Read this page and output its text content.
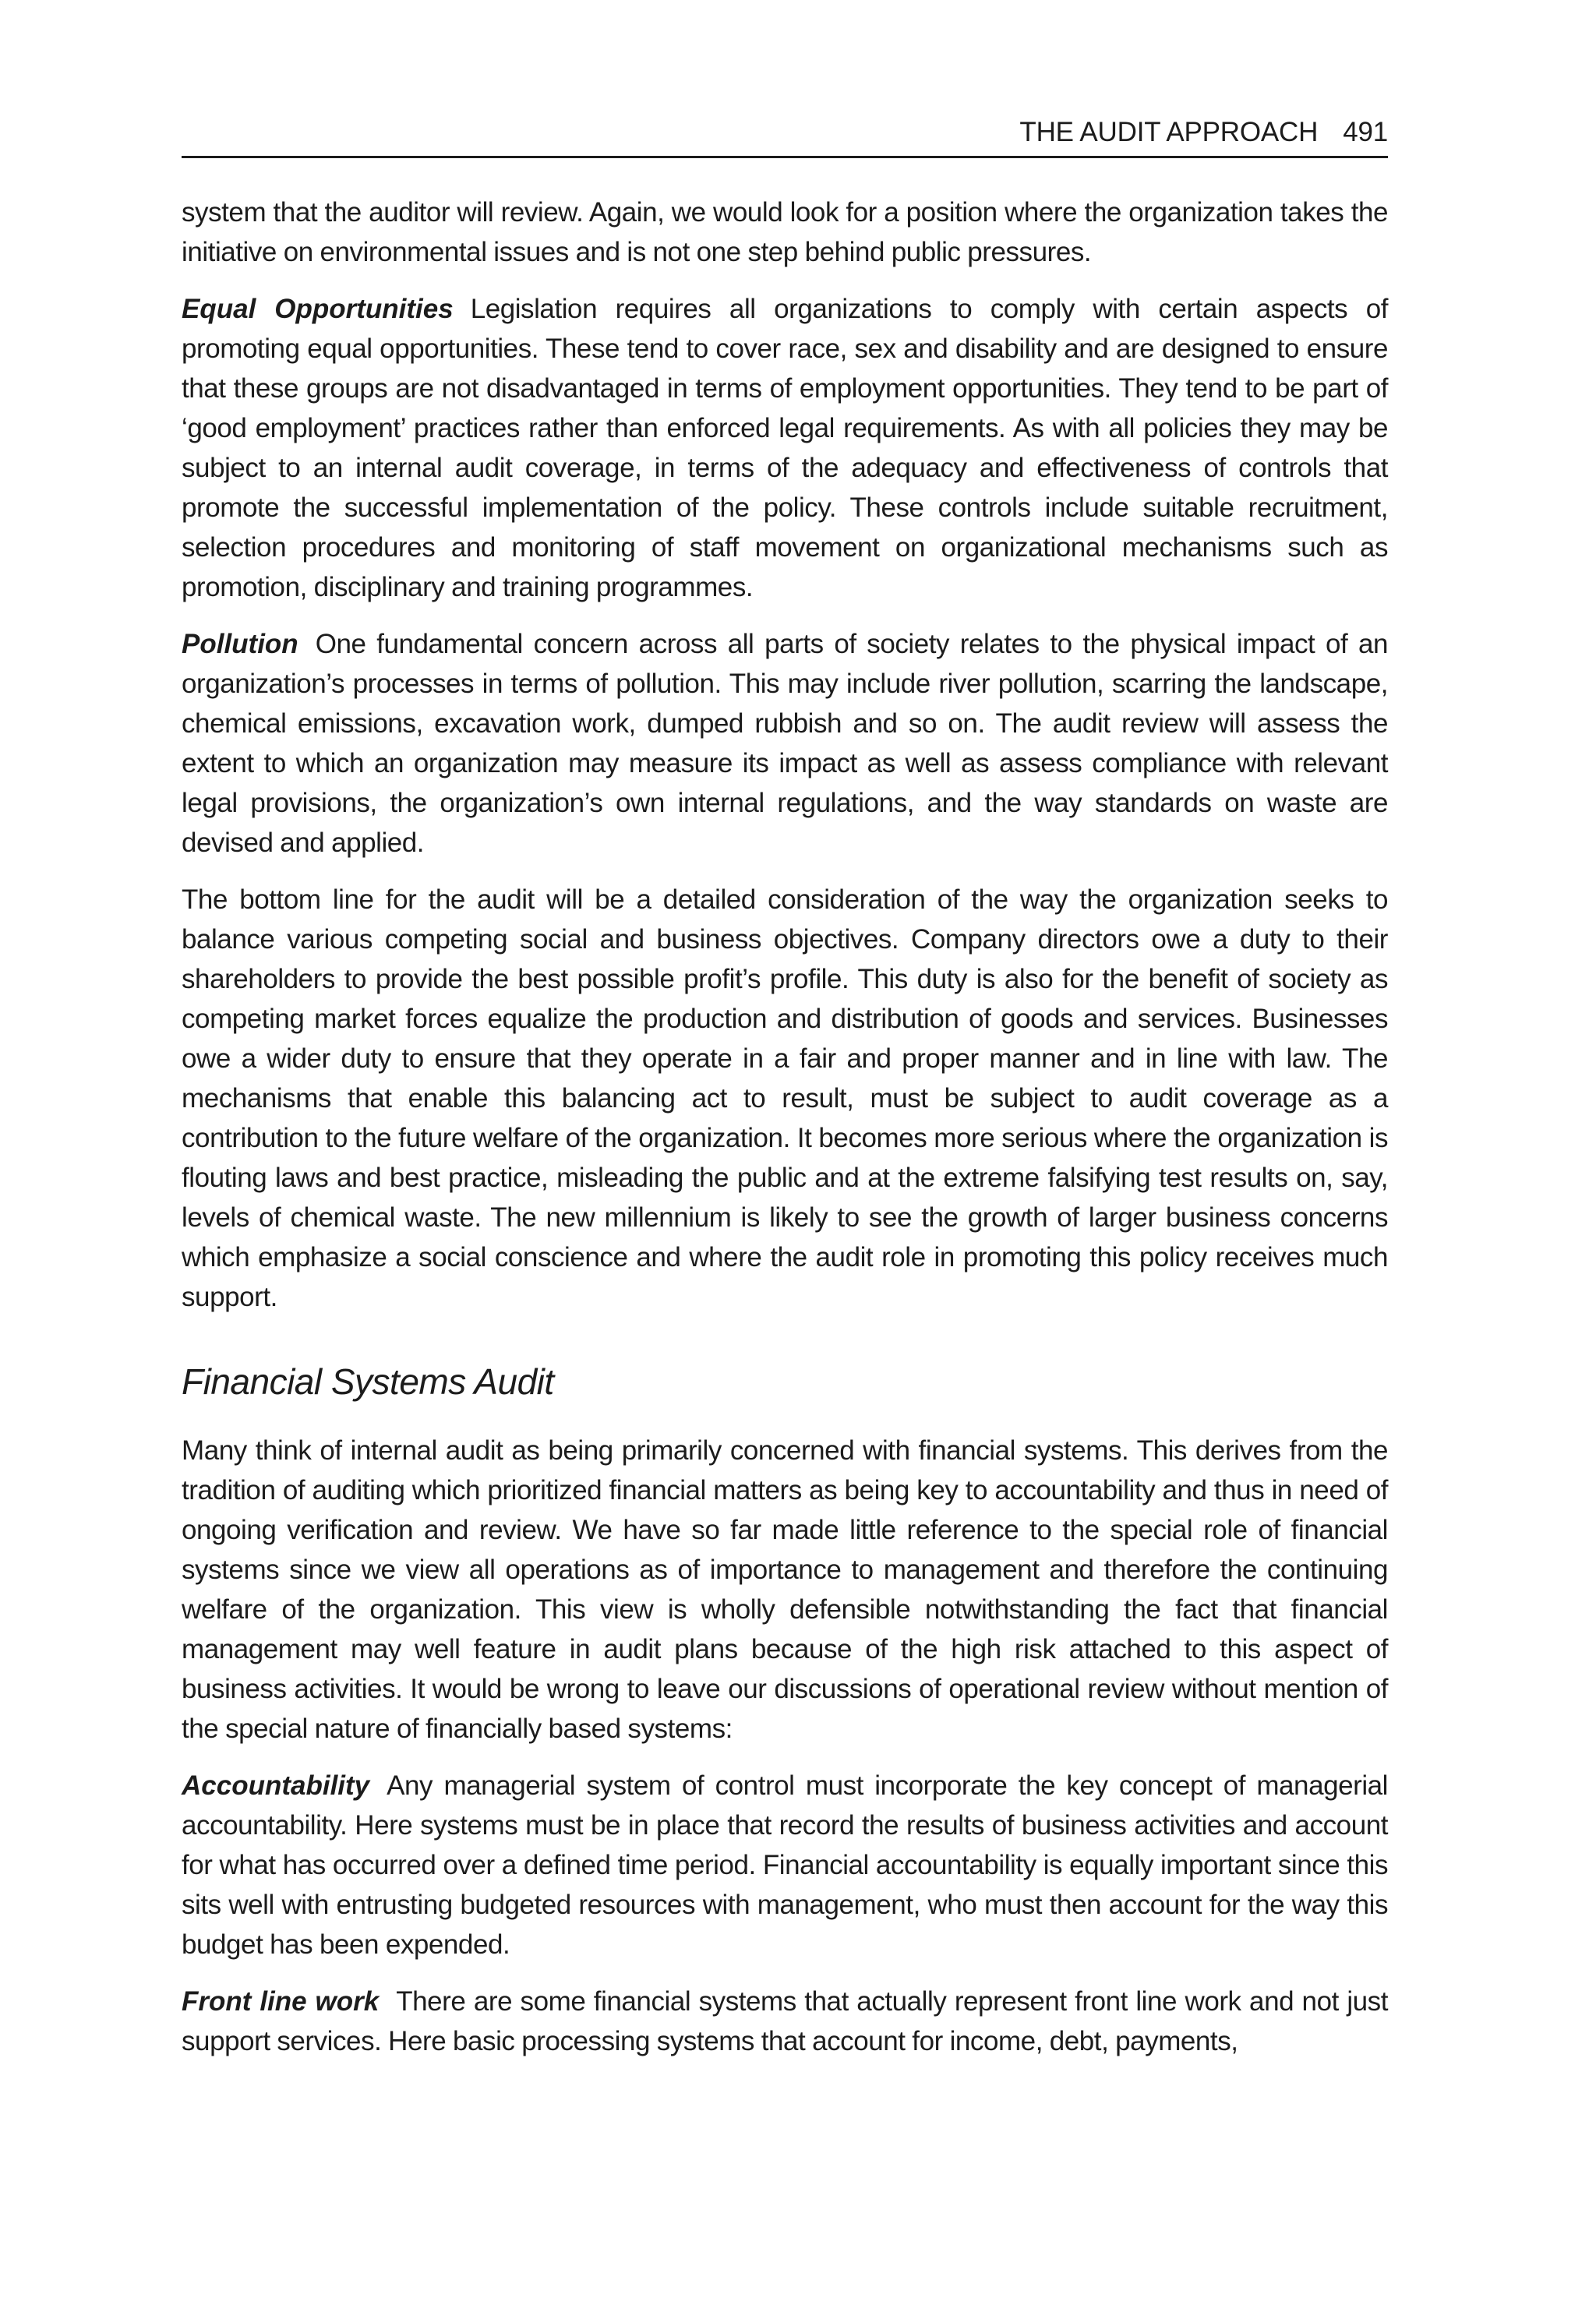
THE AUDIT APPROACH 491

system that the auditor will review. Again, we would look for a position where the organization takes the initiative on environmental issues and is not one step behind public pressures.

Equal Opportunities Legislation requires all organizations to comply with certain aspects of promoting equal opportunities. These tend to cover race, sex and disability and are designed to ensure that these groups are not disadvantaged in terms of employment opportunities. They tend to be part of ‘good employment’ practices rather than enforced legal requirements. As with all policies they may be subject to an internal audit coverage, in terms of the adequacy and effectiveness of controls that promote the successful implementation of the policy. These controls include suitable recruitment, selection procedures and monitoring of staff movement on organizational mechanisms such as promotion, disciplinary and training programmes.

Pollution One fundamental concern across all parts of society relates to the physical impact of an organization’s processes in terms of pollution. This may include river pollution, scarring the landscape, chemical emissions, excavation work, dumped rubbish and so on. The audit review will assess the extent to which an organization may measure its impact as well as assess compliance with relevant legal provisions, the organization’s own internal regulations, and the way standards on waste are devised and applied.

The bottom line for the audit will be a detailed consideration of the way the organization seeks to balance various competing social and business objectives. Company directors owe a duty to their shareholders to provide the best possible profit’s profile. This duty is also for the benefit of society as competing market forces equalize the production and distribution of goods and services. Businesses owe a wider duty to ensure that they operate in a fair and proper manner and in line with law. The mechanisms that enable this balancing act to result, must be subject to audit coverage as a contribution to the future welfare of the organization. It becomes more serious where the organization is flouting laws and best practice, misleading the public and at the extreme falsifying test results on, say, levels of chemical waste. The new millennium is likely to see the growth of larger business concerns which emphasize a social conscience and where the audit role in promoting this policy receives much support.

Financial Systems Audit

Many think of internal audit as being primarily concerned with financial systems. This derives from the tradition of auditing which prioritized financial matters as being key to accountability and thus in need of ongoing verification and review. We have so far made little reference to the special role of financial systems since we view all operations as of importance to management and therefore the continuing welfare of the organization. This view is wholly defensible notwithstanding the fact that financial management may well feature in audit plans because of the high risk attached to this aspect of business activities. It would be wrong to leave our discussions of operational review without mention of the special nature of financially based systems:

Accountability Any managerial system of control must incorporate the key concept of managerial accountability. Here systems must be in place that record the results of business activities and account for what has occurred over a defined time period. Financial accountability is equally important since this sits well with entrusting budgeted resources with management, who must then account for the way this budget has been expended.

Front line work There are some financial systems that actually represent front line work and not just support services. Here basic processing systems that account for income, debt, payments,
